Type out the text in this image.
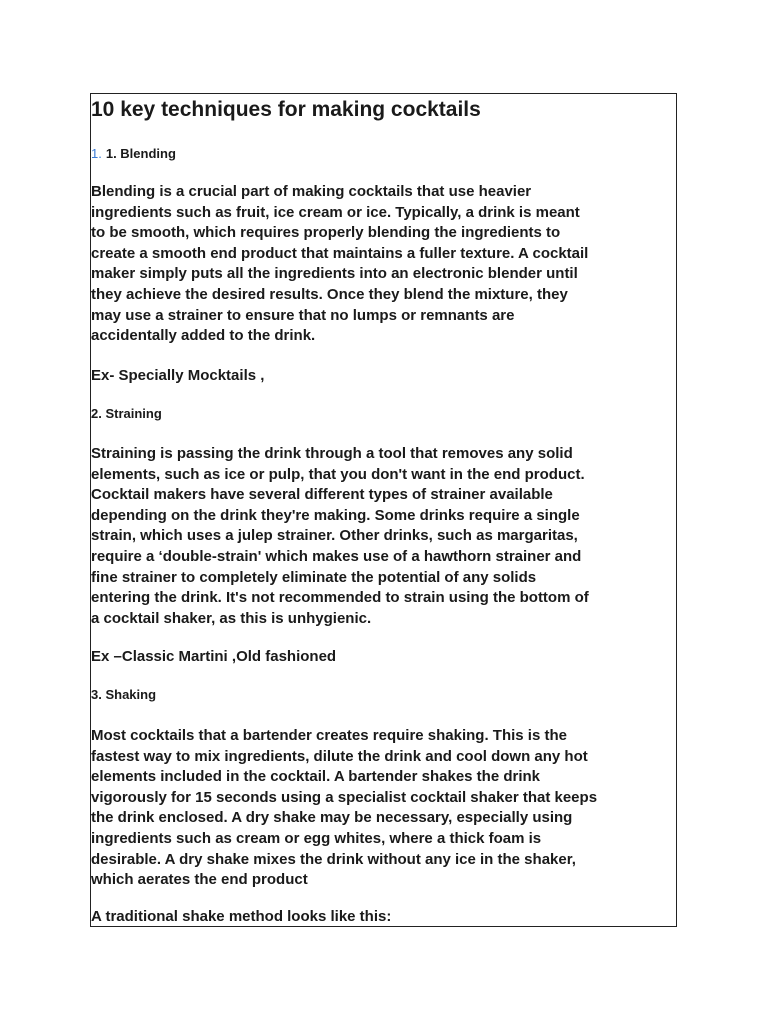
10 key techniques for making cocktails

1. 1. Blending

Blending is a crucial part of making cocktails that use heavier
ingredients such as fruit, ice cream or ice. Typically, a drink is meant
to be smooth, which requires properly blending the ingredients to
create a smooth end product that maintains a fuller texture. A cocktail
maker simply puts all the ingredients into an electronic blender until
they achieve the desired results. Once they blend the mixture, they
may use a strainer to ensure that no lumps or remnants are
accidentally added to the drink.

Ex- Specially Mocktails ,

2. Straining

Straining is passing the drink through a tool that removes any solid
elements, such as ice or pulp, that you don't want in the end product.
Cocktail makers have several different types of strainer available
depending on the drink they're making. Some drinks require a single
strain, which uses a julep strainer. Other drinks, such as margaritas,
require a ‘double-strain' which makes use of a hawthorn strainer and
fine strainer to completely eliminate the potential of any solids
entering the drink. It's not recommended to strain using the bottom of
a cocktail shaker, as this is unhygienic.

Ex –Classic Martini ,Old fashioned

3. Shaking

Most cocktails that a bartender creates require shaking. This is the
fastest way to mix ingredients, dilute the drink and cool down any hot
elements included in the cocktail. A bartender shakes the drink
vigorously for 15 seconds using a specialist cocktail shaker that keeps
the drink enclosed. A dry shake may be necessary, especially using
ingredients such as cream or egg whites, where a thick foam is
desirable. A dry shake mixes the drink without any ice in the shaker,
which aerates the end product

A traditional shake method looks like this:
